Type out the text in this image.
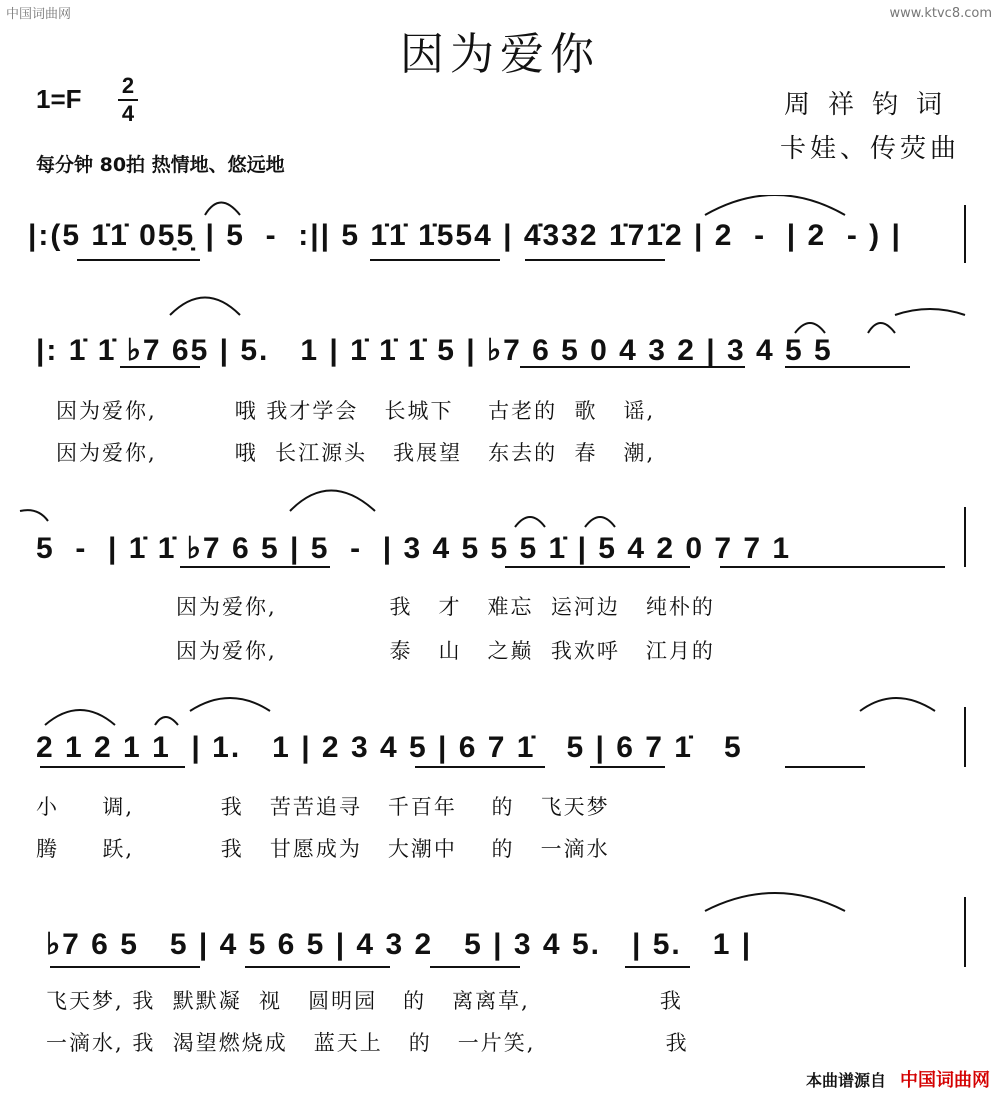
中国词曲网	www.ktvc8.com
因为爱你
1=F 2
4
每分钟 80拍 热情地、悠远地
周祥钧词
卡娃、传荧曲
|:(5 1̇1̇ 05̣5̣ | 5  -  :|| 5 1̇1̇ 1̇554 | 4̇332 1̇71̇2 | 2  -  | 2  - ) |
|: 1̇ 1̇ ♭7 65 | 5.   1 | 1̇ 1̇ 1̇ 5 | ♭7 6 5 0 4 3 2 | 3 4 5 5
因为爱你,         哦 我才学会   长城下    古老的  歌   谣,
因为爱你,         哦  长江源头   我展望   东去的  春   潮,
5  -  | 1̇ 1̇ ♭7 6 5 | 5  -  | 3 4 5 5 5 1̇ | 5 4 2 0 7 7 1
因为爱你,             我   才   难忘  运河边   纯朴的
因为爱你,             泰   山   之巅  我欢呼   江月的
2 1 2 1 1  | 1.   1 | 2 3 4 5 | 6 7 1̇   5 | 6 7 1̇   5
小     调,          我   苦苦追寻   千百年    的   飞天梦
腾     跃,          我   甘愿成为   大潮中    的   一滴水
♭7 6 5   5 | 4 5 6 5 | 4 3 2   5 | 3 4 5.   | 5.   1 |
飞天梦, 我  默默凝  视   圆明园   的   离离草,               我
一滴水, 我  渴望燃烧成   蓝天上   的   一片笑,               我
本曲谱源自 中国词曲网
